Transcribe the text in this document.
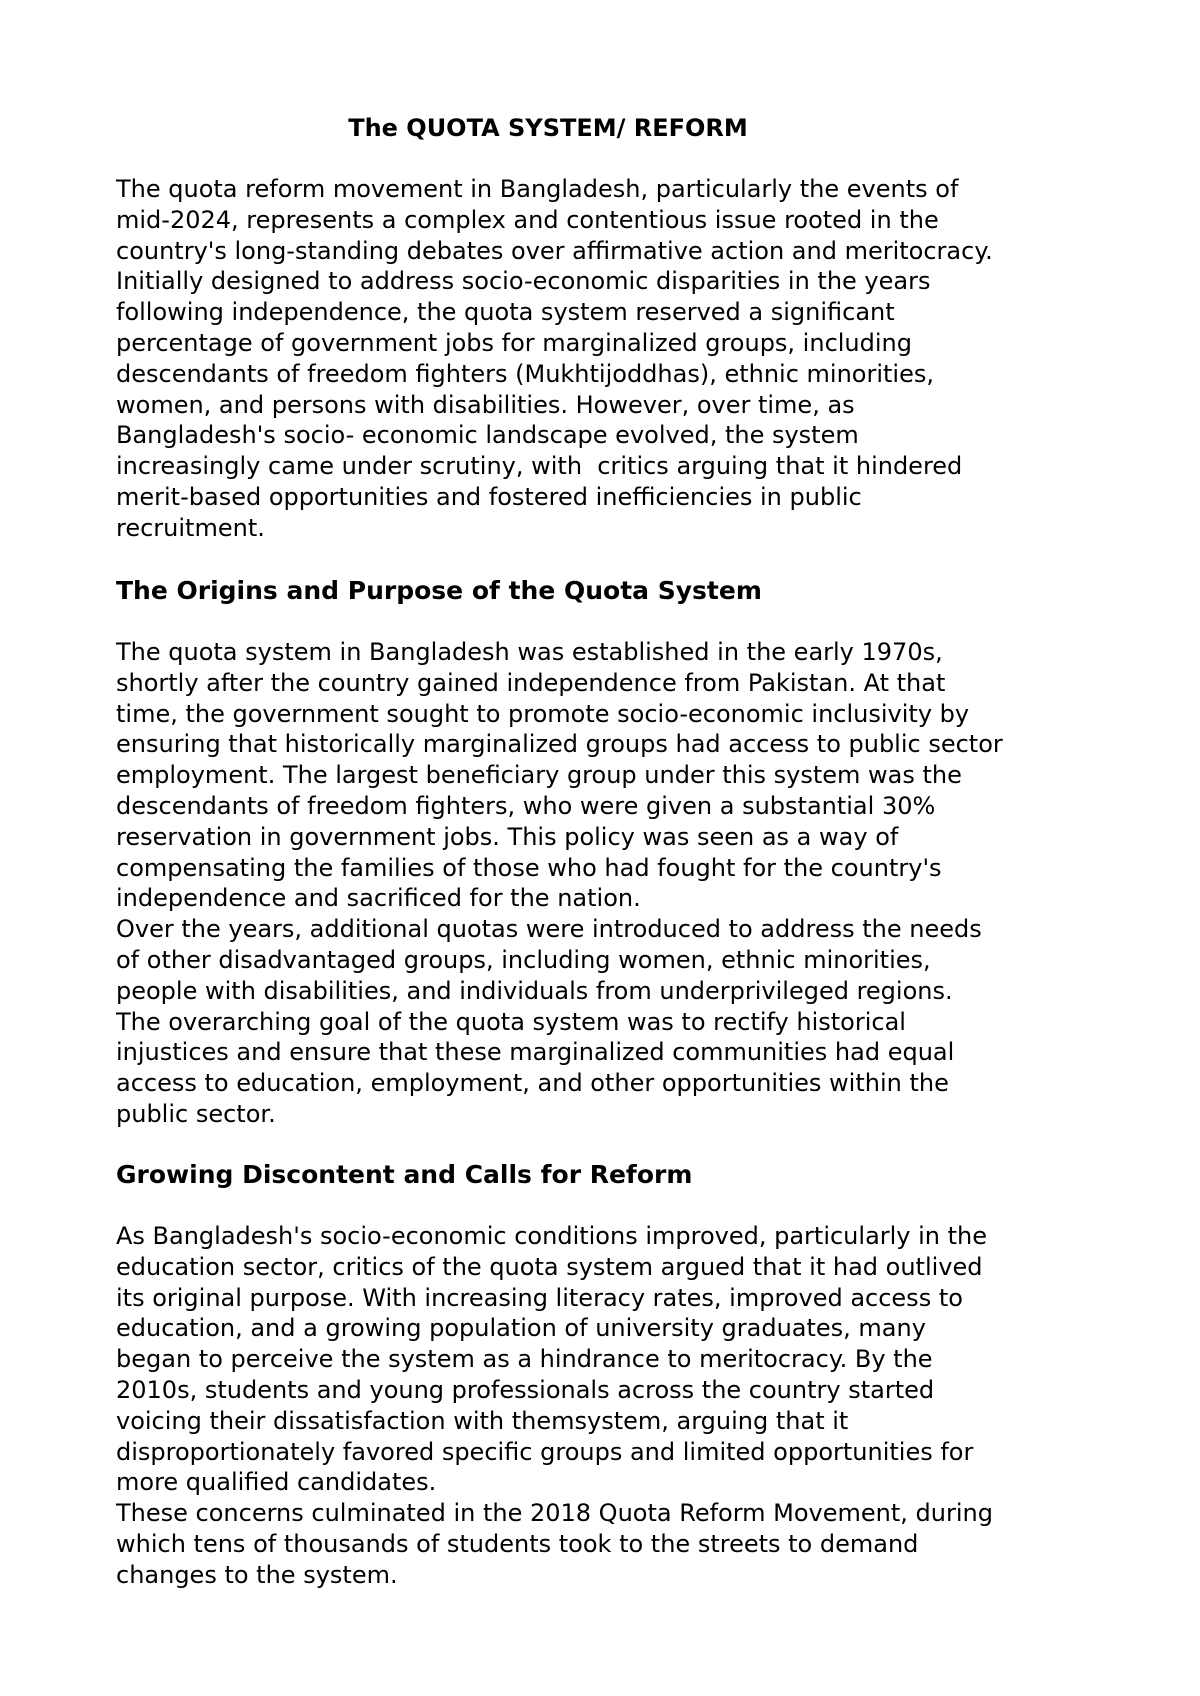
The QUOTA SYSTEM/ REFORM
The quota reform movement in Bangladesh, particularly the events of
mid-2024, represents a complex and contentious issue rooted in the
country's long-standing debates over affirmative action and meritocracy.
Initially designed to address socio-economic disparities in the years
following independence, the quota system reserved a significant
percentage of government jobs for marginalized groups, including
descendants of freedom fighters (Mukhtijoddhas), ethnic minorities,
women, and persons with disabilities. However, over time, as
Bangladesh's socio- economic landscape evolved, the system
increasingly came under scrutiny, with  critics arguing that it hindered
merit-based opportunities and fostered inefficiencies in public
recruitment.
The Origins and Purpose of the Quota System
The quota system in Bangladesh was established in the early 1970s,
shortly after the country gained independence from Pakistan. At that
time, the government sought to promote socio-economic inclusivity by
ensuring that historically marginalized groups had access to public sector
employment. The largest beneficiary group under this system was the
descendants of freedom fighters, who were given a substantial 30%
reservation in government jobs. This policy was seen as a way of
compensating the families of those who had fought for the country's
independence and sacrificed for the nation.
Over the years, additional quotas were introduced to address the needs
of other disadvantaged groups, including women, ethnic minorities,
people with disabilities, and individuals from underprivileged regions.
The overarching goal of the quota system was to rectify historical
injustices and ensure that these marginalized communities had equal
access to education, employment, and other opportunities within the
public sector.
Growing Discontent and Calls for Reform
As Bangladesh's socio-economic conditions improved, particularly in the
education sector, critics of the quota system argued that it had outlived
its original purpose. With increasing literacy rates, improved access to
education, and a growing population of university graduates, many
began to perceive the system as a hindrance to meritocracy. By the
2010s, students and young professionals across the country started
voicing their dissatisfaction with themsystem, arguing that it
disproportionately favored specific groups and limited opportunities for
more qualified candidates.
These concerns culminated in the 2018 Quota Reform Movement, during
which tens of thousands of students took to the streets to demand
changes to the system.
